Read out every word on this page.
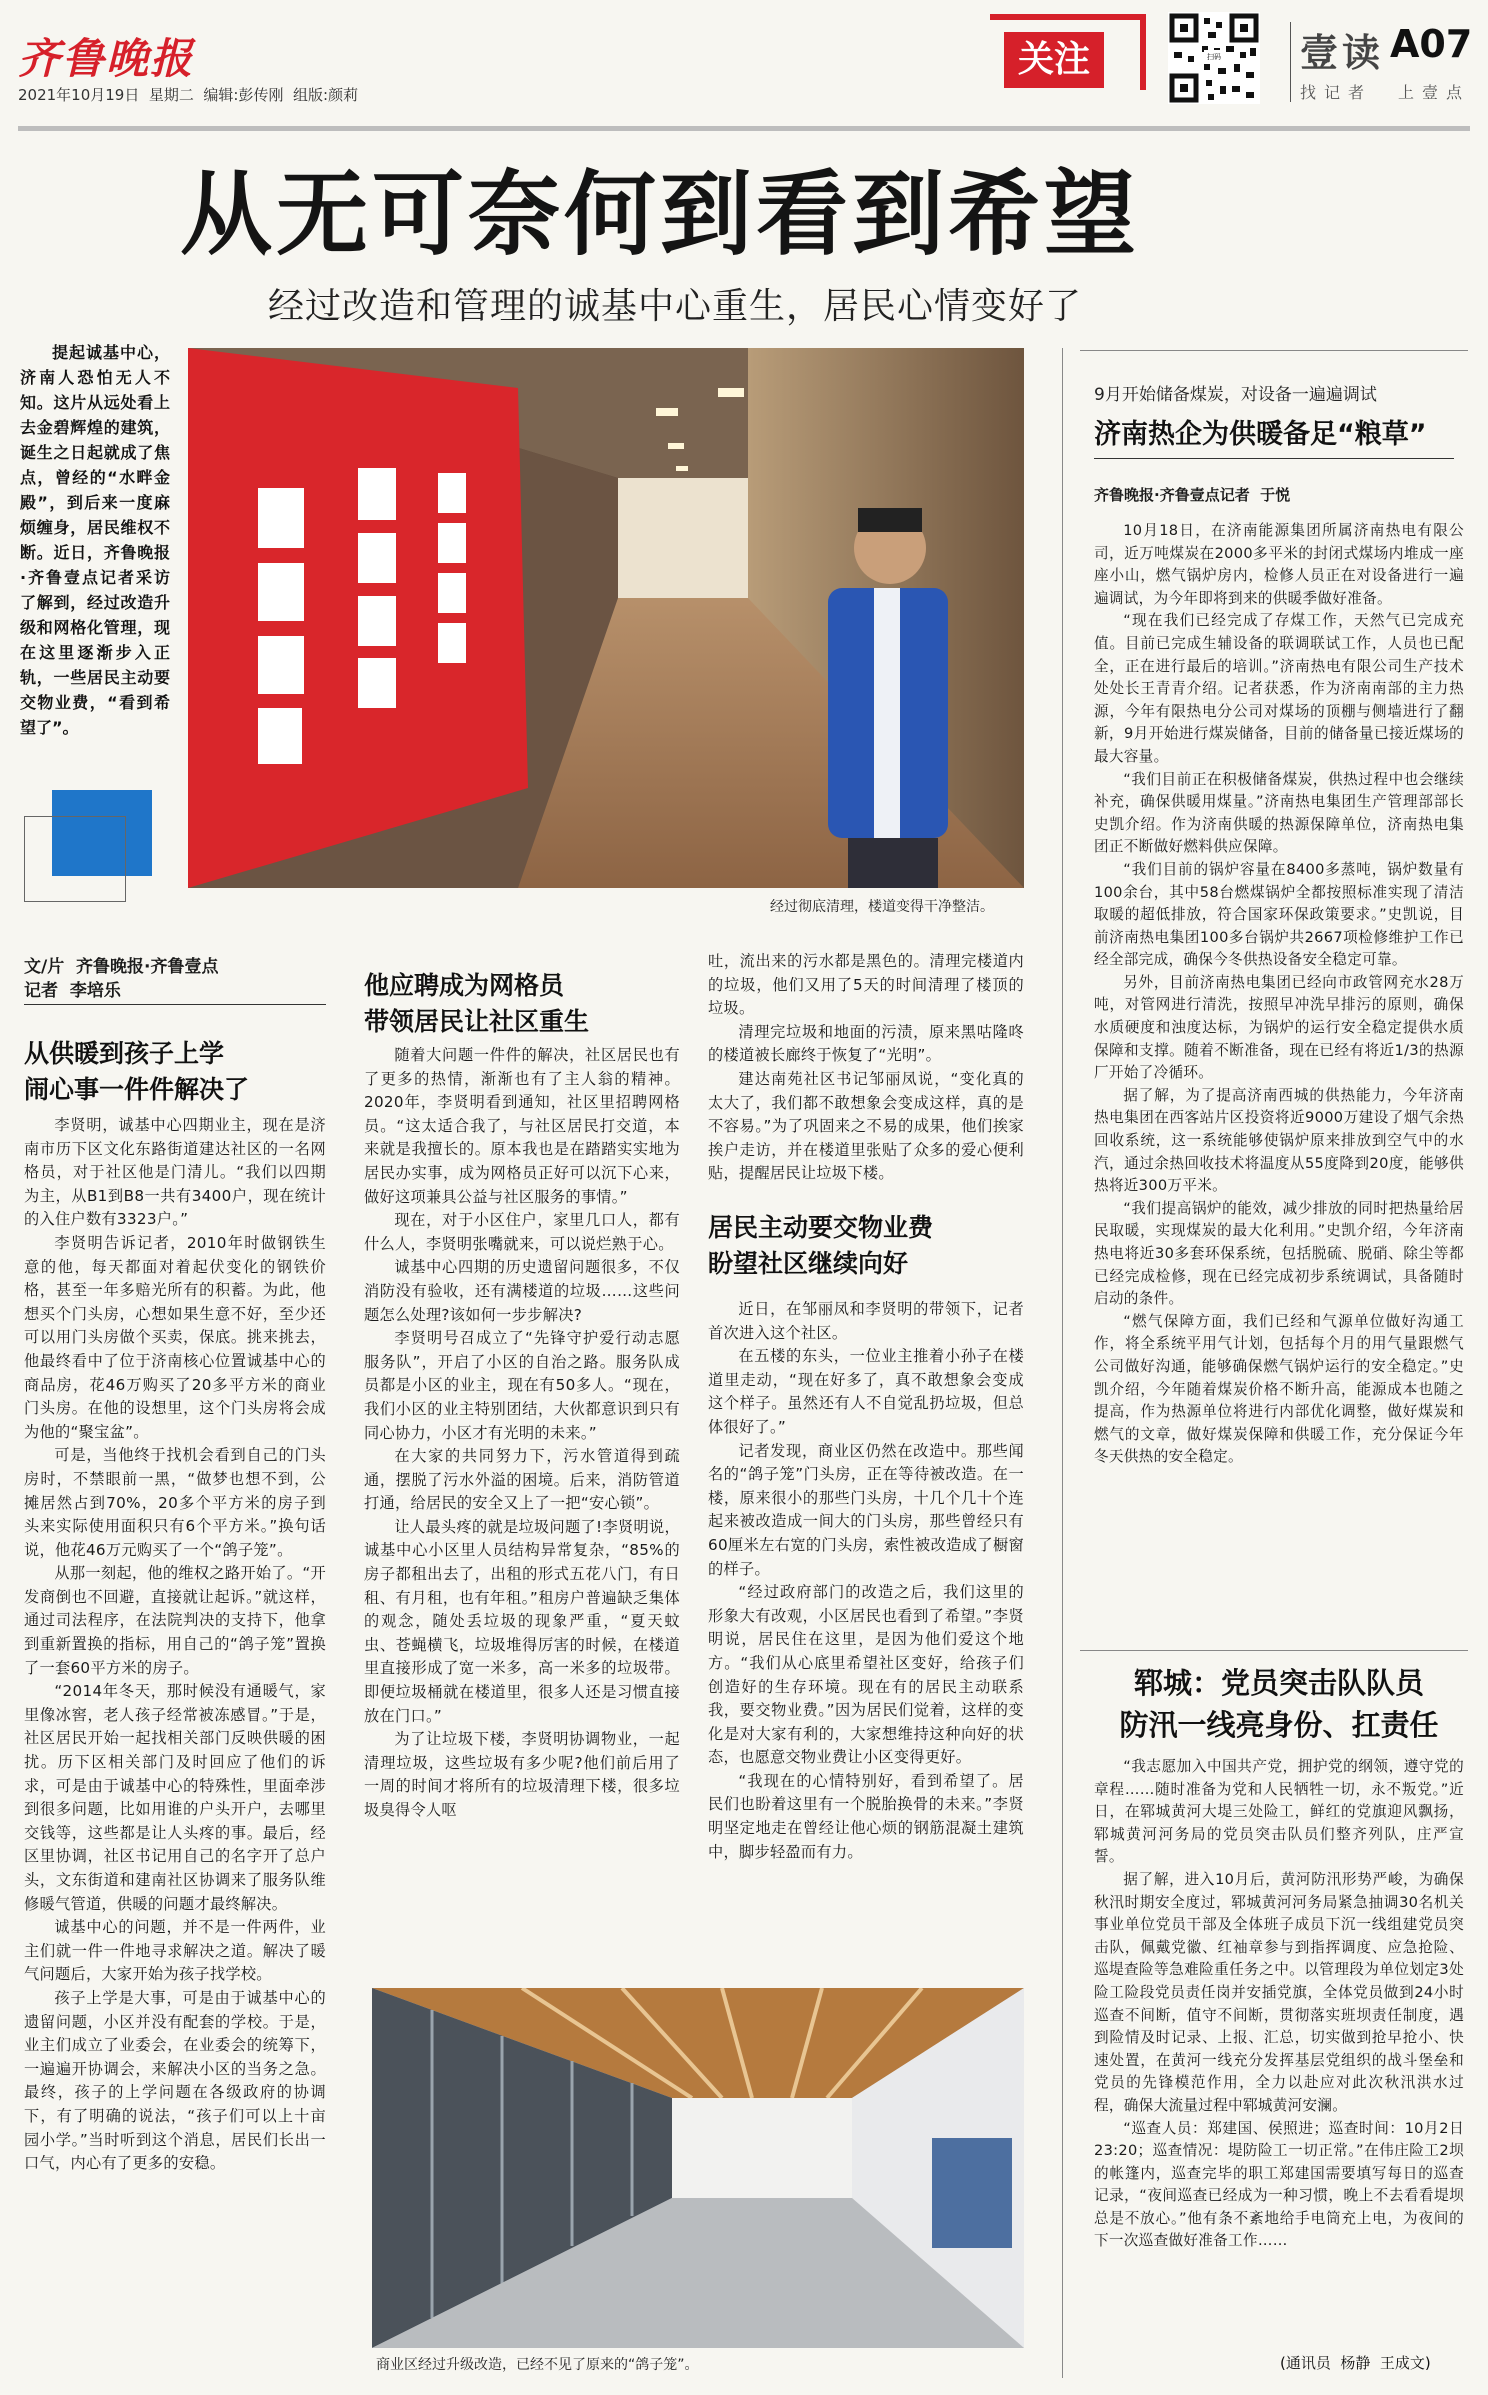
齐鲁晚报
2021年10月19日  星期二  编辑:彭传刚  组版:颜莉
关注	扫码 壹读 A07
找记者 上壹点
从无可奈何到看到希望
经过改造和管理的诚基中心重生，居民心情变好了
提起诚基中心，济南人恐怕无人不知。这片从远处看上去金碧辉煌的建筑，诞生之日起就成了焦点，曾经的“水畔金殿”，到后来一度麻烦缠身，居民维权不断。近日，齐鲁晚报·齐鲁壹点记者采访了解到，经过改造升级和网格化管理，现在这里逐渐步入正轨，一些居民主动要交物业费，“看到希望了”。
经过彻底清理，楼道变得干净整洁。
文/片  齐鲁晚报·齐鲁壹点
记者  李培乐
从供暖到孩子上学
闹心事一件件解决了

李贤明，诚基中心四期业主，现在是济南市历下区文化东路街道建达社区的一名网格员，对于社区他是门清儿。“我们以四期为主，从B1到B8一共有3400户，现在统计的入住户数有3323户。”

李贤明告诉记者，2010年时做钢铁生意的他，每天都面对着起伏变化的钢铁价格，甚至一年多赔光所有的积蓄。为此，他想买个门头房，心想如果生意不好，至少还可以用门头房做个买卖，保底。挑来挑去，他最终看中了位于济南核心位置诚基中心的商品房，花46万购买了20多平方米的商业门头房。在他的设想里，这个门头房将会成为他的“聚宝盆”。

可是，当他终于找机会看到自己的门头房时，不禁眼前一黑，“做梦也想不到，公摊居然占到70%，20多个平方米的房子到头来实际使用面积只有6个平方米。”换句话说，他花46万元购买了一个“鸽子笼”。

从那一刻起，他的维权之路开始了。“开发商倒也不回避，直接就让起诉。”就这样，通过司法程序，在法院判决的支持下，他拿到重新置换的指标，用自己的“鸽子笼”置换了一套60平方米的房子。

“2014年冬天，那时候没有通暖气，家里像冰窖，老人孩子经常被冻感冒。”于是，社区居民开始一起找相关部门反映供暖的困扰。历下区相关部门及时回应了他们的诉求，可是由于诚基中心的特殊性，里面牵涉到很多问题，比如用谁的户头开户，去哪里交钱等，这些都是让人头疼的事。最后，经区里协调，社区书记用自己的名字开了总户头，文东街道和建南社区协调来了服务队维修暖气管道，供暖的问题才最终解决。

诚基中心的问题，并不是一件两件，业主们就一件一件地寻求解决之道。解决了暖气问题后，大家开始为孩子找学校。

孩子上学是大事，可是由于诚基中心的遗留问题，小区并没有配套的学校。于是，业主们成立了业委会，在业委会的统筹下，一遍遍开协调会，来解决小区的当务之急。最终，孩子的上学问题在各级政府的协调下，有了明确的说法，“孩子们可以上十亩园小学。”当时听到这个消息，居民们长出一口气，内心有了更多的安稳。

他应聘成为网格员
带领居民让社区重生

随着大问题一件件的解决，社区居民也有了更多的热情，渐渐也有了主人翁的精神。2020年，李贤明看到通知，社区里招聘网格员。“这太适合我了，与社区居民打交道，本来就是我擅长的。原本我也是在踏踏实实地为居民办实事，成为网格员正好可以沉下心来，做好这项兼具公益与社区服务的事情。”

现在，对于小区住户，家里几口人，都有什么人，李贤明张嘴就来，可以说烂熟于心。

诚基中心四期的历史遗留问题很多，不仅消防没有验收，还有满楼道的垃圾……这些问题怎么处理?该如何一步步解决?

李贤明号召成立了“先锋守护爱行动志愿服务队”，开启了小区的自治之路。服务队成员都是小区的业主，现在有50多人。“现在，我们小区的业主特别团结，大伙都意识到只有同心协力，小区才有光明的未来。”

在大家的共同努力下，污水管道得到疏通，摆脱了污水外溢的困境。后来，消防管道打通，给居民的安全又上了一把“安心锁”。

让人最头疼的就是垃圾问题了!李贤明说，诚基中心小区里人员结构异常复杂，“85%的房子都租出去了，出租的形式五花八门，有日租、有月租，也有年租。”租房户普遍缺乏集体的观念，随处丢垃圾的现象严重，“夏天蚊虫、苍蝇横飞，垃圾堆得厉害的时候，在楼道里直接形成了宽一米多，高一米多的垃圾带。即便垃圾桶就在楼道里，很多人还是习惯直接放在门口。”

为了让垃圾下楼，李贤明协调物业，一起清理垃圾，这些垃圾有多少呢?他们前后用了一周的时间才将所有的垃圾清理下楼，很多垃圾臭得令人呕

吐，流出来的污水都是黑色的。清理完楼道内的垃圾，他们又用了5天的时间清理了楼顶的垃圾。

清理完垃圾和地面的污渍，原来黑咕隆咚的楼道被长廊终于恢复了“光明”。

建达南苑社区书记邹丽凤说，“变化真的太大了，我们都不敢想象会变成这样，真的是不容易。”为了巩固来之不易的成果，他们挨家挨户走访，并在楼道里张贴了众多的爱心便利贴，提醒居民让垃圾下楼。

居民主动要交物业费
盼望社区继续向好

近日，在邹丽凤和李贤明的带领下，记者首次进入这个社区。

在五楼的东头，一位业主推着小孙子在楼道里走动，“现在好多了，真不敢想象会变成这个样子。虽然还有人不自觉乱扔垃圾，但总体很好了。”

记者发现，商业区仍然在改造中。那些闻名的“鸽子笼”门头房，正在等待被改造。在一楼，原来很小的那些门头房，十几个几十个连起来被改造成一间大的门头房，那些曾经只有60厘米左右宽的门头房，索性被改造成了橱窗的样子。

“经过政府部门的改造之后，我们这里的形象大有改观，小区居民也看到了希望。”李贤明说，居民住在这里，是因为他们爱这个地方。“我们从心底里希望社区变好，给孩子们创造好的生存环境。现在有的居民主动联系我，要交物业费。”因为居民们觉着，这样的变化是对大家有利的，大家想维持这种向好的状态，也愿意交物业费让小区变得更好。

“我现在的心情特别好，看到希望了。居民们也盼着这里有一个脱胎换骨的未来。”李贤明坚定地走在曾经让他心烦的钢筋混凝土建筑中，脚步轻盈而有力。

商业区经过升级改造，已经不见了原来的“鸽子笼”。
9月开始储备煤炭，对设备一遍遍调试
济南热企为供暖备足“粮草”
齐鲁晚报·齐鲁壹点记者  于悦

10月18日，在济南能源集团所属济南热电有限公司，近万吨煤炭在2000多平米的封闭式煤场内堆成一座座小山，燃气锅炉房内，检修人员正在对设备进行一遍遍调试，为今年即将到来的供暖季做好准备。

“现在我们已经完成了存煤工作，天然气已完成充值。目前已完成生辅设备的联调联试工作，人员也已配全，正在进行最后的培训。”济南热电有限公司生产技术处处长王青青介绍。记者获悉，作为济南南部的主力热源，今年有限热电分公司对煤场的顶棚与侧墙进行了翻新，9月开始进行煤炭储备，目前的储备量已接近煤场的最大容量。

“我们目前正在积极储备煤炭，供热过程中也会继续补充，确保供暖用煤量。”济南热电集团生产管理部部长史凯介绍。作为济南供暖的热源保障单位，济南热电集团正不断做好燃料供应保障。

“我们目前的锅炉容量在8400多蒸吨，锅炉数量有100余台，其中58台燃煤锅炉全都按照标准实现了清洁取暖的超低排放，符合国家环保政策要求。”史凯说，目前济南热电集团100多台锅炉共2667项检修维护工作已经全部完成，确保今冬供热设备安全稳定可靠。

另外，目前济南热电集团已经向市政管网充水28万吨，对管网进行清洗，按照早冲洗早排污的原则，确保水质硬度和浊度达标，为锅炉的运行安全稳定提供水质保障和支撑。随着不断准备，现在已经有将近1/3的热源厂开始了冷循环。

据了解，为了提高济南西城的供热能力，今年济南热电集团在西客站片区投资将近9000万建设了烟气余热回收系统，这一系统能够使锅炉原来排放到空气中的水汽，通过余热回收技术将温度从55度降到20度，能够供热将近300万平米。

“我们提高锅炉的能效，减少排放的同时把热量给居民取暖，实现煤炭的最大化利用。”史凯介绍，今年济南热电将近30多套环保系统，包括脱硫、脱硝、除尘等都已经完成检修，现在已经完成初步系统调试，具备随时启动的条件。

“燃气保障方面，我们已经和气源单位做好沟通工作，将全系统平用气计划，包括每个月的用气量跟燃气公司做好沟通，能够确保燃气锅炉运行的安全稳定。”史凯介绍，今年随着煤炭价格不断升高，能源成本也随之提高，作为热源单位将进行内部优化调整，做好煤炭和燃气的文章，做好煤炭保障和供暖工作，充分保证今年冬天供热的安全稳定。

郓城：党员突击队队员
防汛一线亮身份、扛责任

“我志愿加入中国共产党，拥护党的纲领，遵守党的章程……随时准备为党和人民牺牲一切，永不叛党。”近日，在郓城黄河大堤三处险工，鲜红的党旗迎风飘扬，郓城黄河河务局的党员突击队员们整齐列队，庄严宣誓。

据了解，进入10月后，黄河防汛形势严峻，为确保秋汛时期安全度过，郓城黄河河务局紧急抽调30名机关事业单位党员干部及全体班子成员下沉一线组建党员突击队，佩戴党徽、红袖章参与到指挥调度、应急抢险、巡堤查险等急难险重任务之中。以管理段为单位划定3处险工险段党员责任岗并安插党旗，全体党员做到24小时巡查不间断，值守不间断，贯彻落实班坝责任制度，遇到险情及时记录、上报、汇总，切实做到抢早抢小、快速处置，在黄河一线充分发挥基层党组织的战斗堡垒和党员的先锋模范作用，全力以赴应对此次秋汛洪水过程，确保大流量过程中郓城黄河安澜。

“巡查人员：郑建国、侯照进；巡查时间：10月2日23:20；巡查情况：堤防险工一切正常。”在伟庄险工2坝的帐篷内，巡查完毕的职工郑建国需要填写每日的巡查记录，“夜间巡查已经成为一种习惯，晚上不去看看堤坝总是不放心。”他有条不紊地给手电筒充上电，为夜间的下一次巡查做好准备工作……

(通讯员  杨静  王成文)
